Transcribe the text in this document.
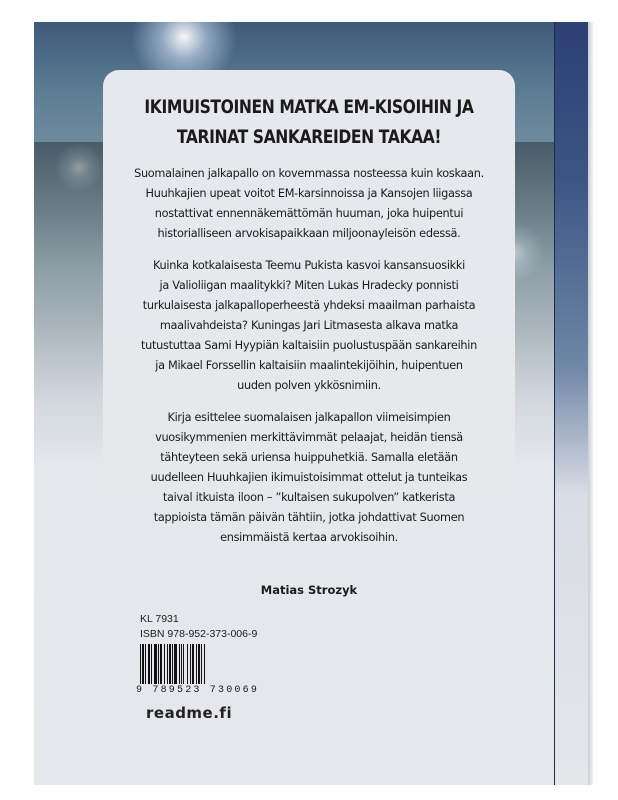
IKIMUISTOINEN MATKA EM-KISOIHIN JA
TARINAT SANKAREIDEN TAKAA!
Suomalainen jalkapallo on kovemmassa nosteessa kuin koskaan.
Huuhkajien upeat voitot EM-karsinnoissa ja Kansojen liigassa
nostattivat ennennäkemättömän huuman, joka huipentui
historialliseen arvokisapaikkaan miljoonayleisön edessä.
Kuinka kotkalaisesta Teemu Pukista kasvoi kansansuosikki
ja Valioliigan maalitykki? Miten Lukas Hradecky ponnisti
turkulaisesta jalkapalloperheestä yhdeksi maailman parhaista
maalivahdeista? Kuningas Jari Litmasesta alkava matka
tutustuttaa Sami Hyypiän kaltaisiin puolustuspään sankareihin
ja Mikael Forssellin kaltaisiin maalintekijöihin, huipentuen
uuden polven ykkösnimiin.
Kirja esittelee suomalaisen jalkapallon viimeisimpien
vuosikymmenien merkittävimmät pelaajat, heidän tiensä
tähteyteen sekä uriensa huippuhetkiä. Samalla eletään
uudelleen Huuhkajien ikimuistoisimmat ottelut ja tunteikas
taival itkuista iloon – ”kultaisen sukupolven” katkerista
tappioista tämän päivän tähtiin, jotka johdattivat Suomen
ensimmäistä kertaa arvokisoihin.
Matias Strozyk
KL 7931
ISBN 978-952-373-006-9
9 789523 730069
readme.fi
